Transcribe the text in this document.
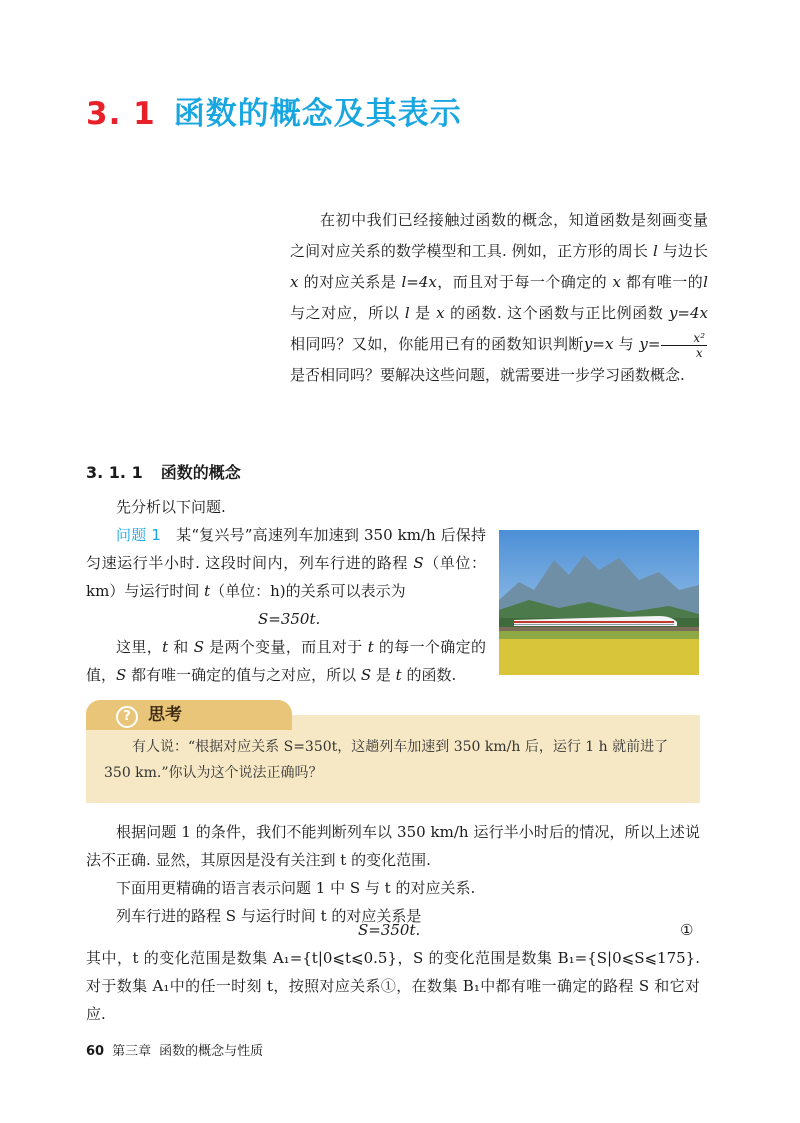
3. 1 函数的概念及其表示

在初中我们已经接触过函数的概念，知道函数是刻画变量之间对应关系的数学模型和工具. 例如，正方形的周长 l 与边长x 的对应关系是 l=4x，而且对于每一个确定的 x 都有唯一的l 与之对应，所以 l 是 x 的函数. 这个函数与正比例函数 y=4x 相同吗？又如，你能用已有的函数知识判断y=x 与 $y= \frac{\text{x²}}{x}$
是否相同吗？要解决这些问题，就需要进一步学习函数概念.

3. 1. 1 函数的概念

先分析以下问题.

问题 1  某“复兴号”高速列车加速到 350 km/h 后保持匀速运行半小时. 这段时间内，列车行进的路程 S（单位：km）与运行时间 t（单位：h)的关系可以表示为

S=350t.

这里，t 和 S 是两个变量，而且对于 t 的每一个确定的值，S 都有唯一确定的值与之对应，所以 S 是 t 的函数.

?	思考

有人说：“根据对应关系 S=350t，这趟列车加速到 350 km/h 后，运行 1 h 就前进了 350 km.”你认为这个说法正确吗？

根据问题 1 的条件，我们不能判断列车以 350 km/h 运行半小时后的情况，所以上述说法不正确. 显然，其原因是没有关注到 t 的变化范围.

下面用更精确的语言表示问题 1 中 S 与 t 的对应关系.

列车行进的路程 S 与运行时间 t 的对应关系是

S=350t.	①

其中，t 的变化范围是数集 A₁={t|0⩽t⩽0.5}，S 的变化范围是数集 B₁={S|0⩽S⩽175}. 对于数集 A₁中的任一时刻 t，按照对应关系①，在数集 B₁中都有唯一确定的路程 S 和它对应.

60 第三章 函数的概念与性质
